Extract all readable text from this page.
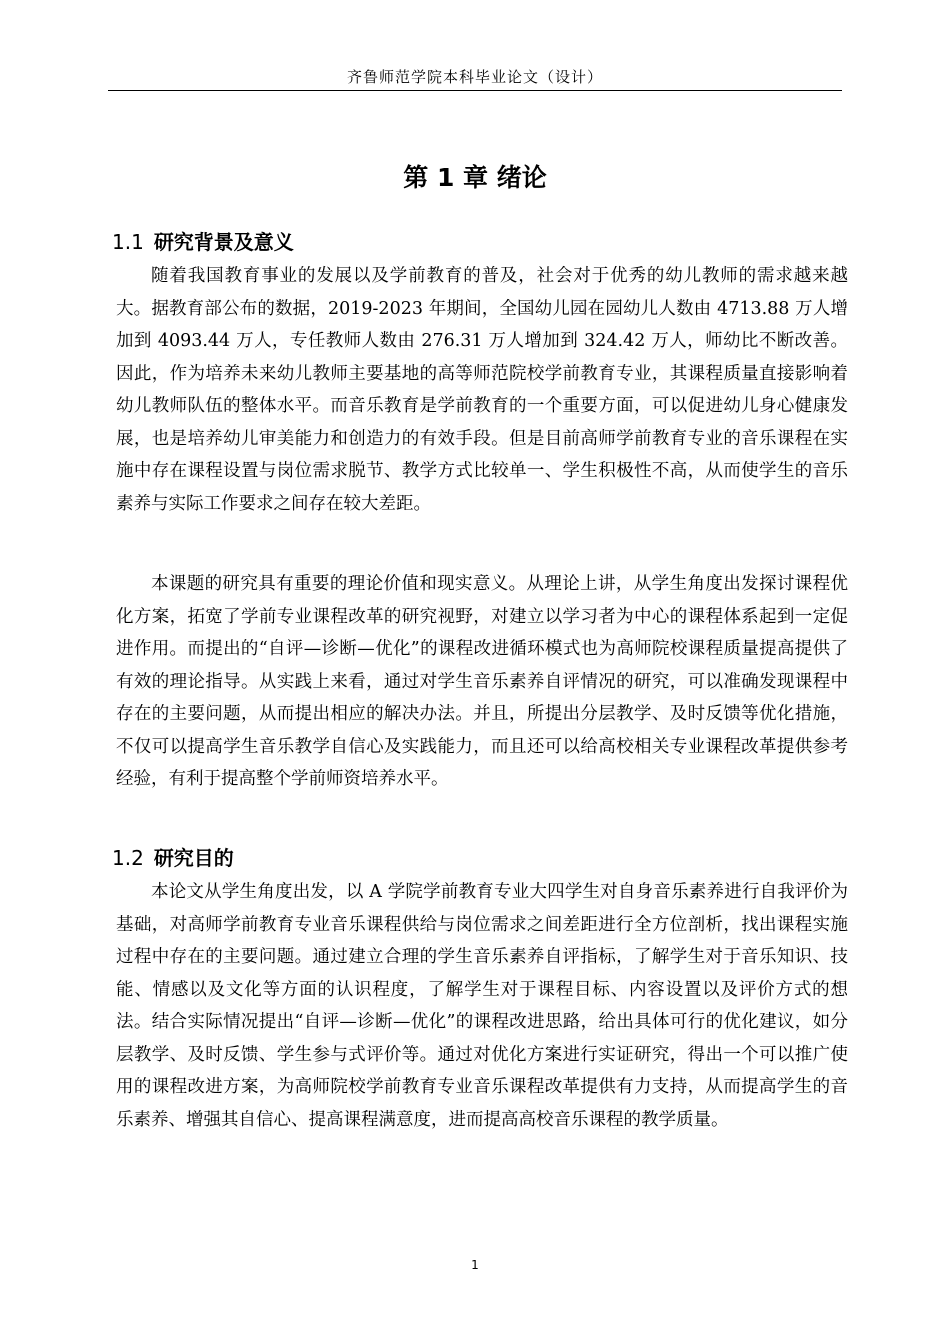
齐鲁师范学院本科毕业论文（设计）
第 1 章 绪论
1.1 研究背景及意义

随着我国教育事业的发展以及学前教育的普及，社会对于优秀的幼儿教师的需求越来越大。据教育部公布的数据，2019-2023 年期间，全国幼儿园在园幼儿人数由 4713.88 万人增加到 4093.44 万人，专任教师人数由 276.31 万人增加到 324.42 万人，师幼比不断改善。因此，作为培养未来幼儿教师主要基地的高等师范院校学前教育专业，其课程质量直接影响着幼儿教师队伍的整体水平。而音乐教育是学前教育的一个重要方面，可以促进幼儿身心健康发展，也是培养幼儿审美能力和创造力的有效手段。但是目前高师学前教育专业的音乐课程在实施中存在课程设置与岗位需求脱节、教学方式比较单一、学生积极性不高，从而使学生的音乐素养与实际工作要求之间存在较大差距。

本课题的研究具有重要的理论价值和现实意义。从理论上讲，从学生角度出发探讨课程优化方案，拓宽了学前专业课程改革的研究视野，对建立以学习者为中心的课程体系起到一定促进作用。而提出的“自评—诊断—优化”的课程改进循环模式也为高师院校课程质量提高提供了有效的理论指导。从实践上来看，通过对学生音乐素养自评情况的研究，可以准确发现课程中存在的主要问题，从而提出相应的解决办法。并且，所提出分层教学、及时反馈等优化措施，不仅可以提高学生音乐教学自信心及实践能力，而且还可以给高校相关专业课程改革提供参考经验，有利于提高整个学前师资培养水平。

1.2 研究目的

本论文从学生角度出发，以 A 学院学前教育专业大四学生对自身音乐素养进行自我评价为基础，对高师学前教育专业音乐课程供给与岗位需求之间差距进行全方位剖析，找出课程实施过程中存在的主要问题。通过建立合理的学生音乐素养自评指标，了解学生对于音乐知识、技能、情感以及文化等方面的认识程度，了解学生对于课程目标、内容设置以及评价方式的想法。结合实际情况提出“自评—诊断—优化”的课程改进思路，给出具体可行的优化建议，如分层教学、及时反馈、学生参与式评价等。通过对优化方案进行实证研究，得出一个可以推广使用的课程改进方案，为高师院校学前教育专业音乐课程改革提供有力支持，从而提高学生的音乐素养、增强其自信心、提高课程满意度，进而提高高校音乐课程的教学质量。

1
